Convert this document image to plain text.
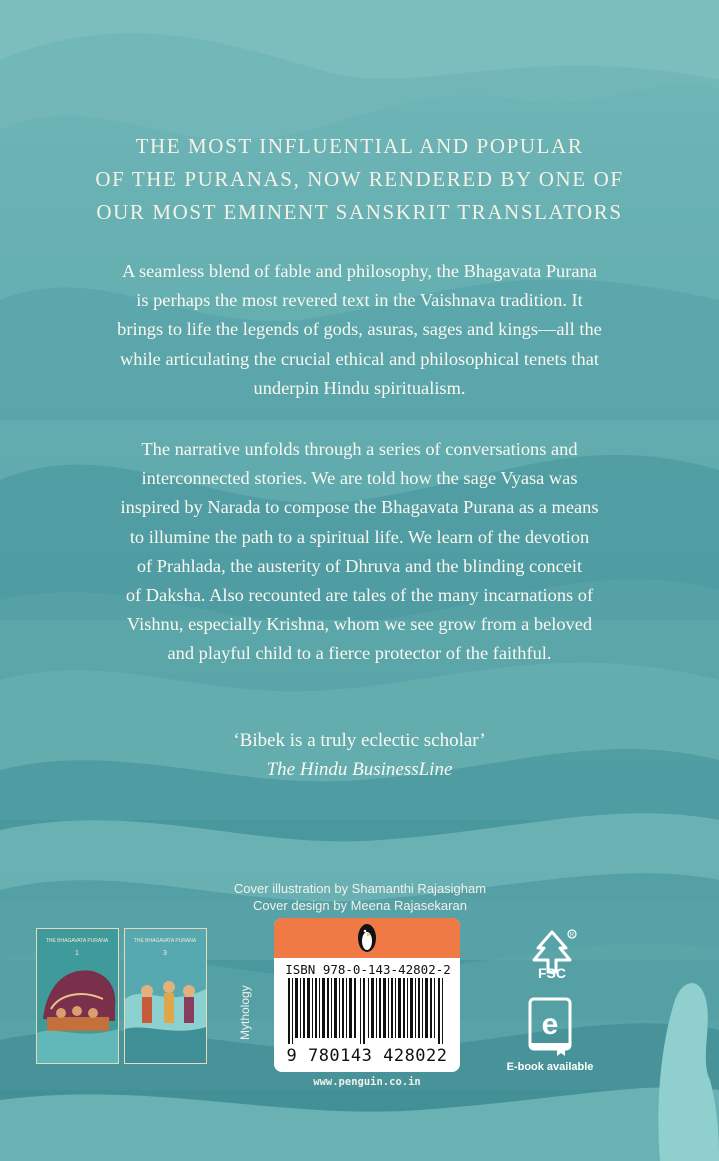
THE MOST INFLUENTIAL AND POPULAR
OF THE PURANAS, NOW RENDERED BY ONE OF
OUR MOST EMINENT SANSKRIT TRANSLATORS
A seamless blend of fable and philosophy, the Bhagavata Purana
is perhaps the most revered text in the Vaishnava tradition. It
brings to life the legends of gods, asuras, sages and kings—all the
while articulating the crucial ethical and philosophical tenets that
underpin Hindu spiritualism.
The narrative unfolds through a series of conversations and
interconnected stories. We are told how the sage Vyasa was
inspired by Narada to compose the Bhagavata Purana as a means
to illumine the path to a spiritual life. We learn of the devotion
of Prahlada, the austerity of Dhruva and the blinding conceit
of Daksha. Also recounted are tales of the many incarnations of
Vishnu, especially Krishna, whom we see grow from a beloved
and playful child to a fierce protector of the faithful.
‘Bibek is a truly eclectic scholar’
The Hindu BusinessLine
Cover illustration by Shamanthi Rajasigham
Cover design by Meena Rajasekaran
THE BHAGAVATA PURANA
1
THE BHAGAVATA PURANA
3
ISBN 978-0-143-42802-2
9 780143 428022
Mythology
www.penguin.co.in
R
FSC
e
E-book available
